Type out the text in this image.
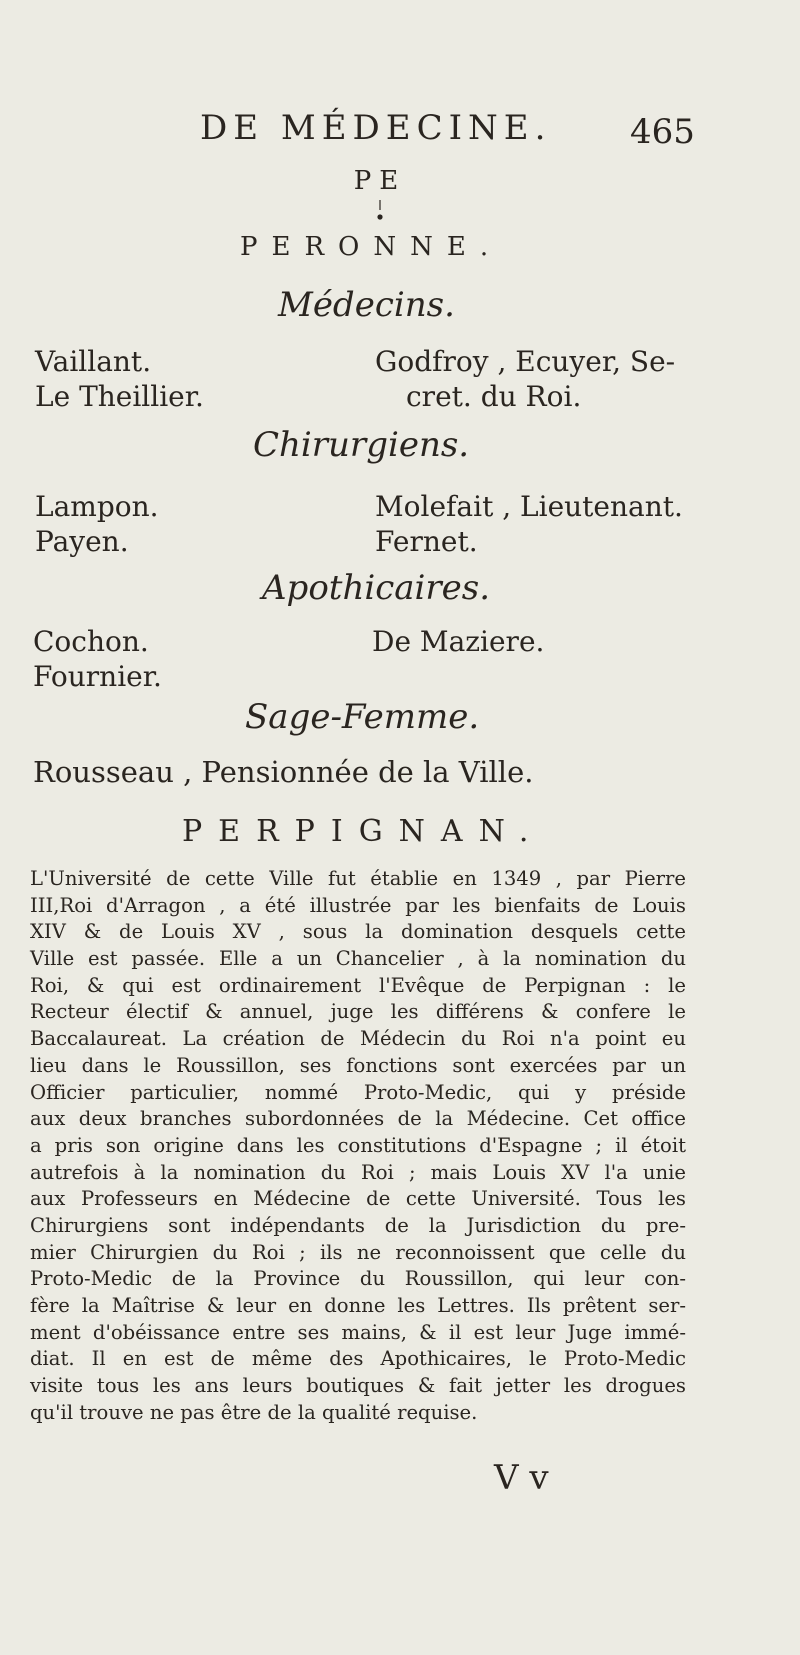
DE MÉDECINE. 465
PE
PERONNE.
Médecins.
Vaillant.
Le Theillier.
Godfroy , Ecuyer, Se-
cret. du Roi.
Chirurgiens.
Lampon.
Payen.
Molefait , Lieutenant.
Fernet.
Apothicaires.
Cochon.
Fournier.
De Maziere.
Sage-Femme.
Rousseau , Pensionnée de la Ville.
PERPIGNAN.
L'Université de cette Ville fut établie en 1349 , par Pierre
III,Roi d'Arragon , a été illustrée par les bienfaits de Louis
XIV & de Louis XV , sous la domination desquels cette
Ville est passée. Elle a un Chancelier , à la nomination du
Roi, & qui est ordinairement l'Evêque de Perpignan : le
Recteur électif & annuel, juge les différens & confere le
Baccalaureat. La création de Médecin du Roi n'a point eu
lieu dans le Roussillon, ses fonctions sont exercées par un
Officier particulier, nommé Proto-Medic, qui y préside
aux deux branches subordonnées de la Médecine. Cet office
a pris son origine dans les constitutions d'Espagne ; il étoit
autrefois à la nomination du Roi ; mais Louis XV l'a unie
aux Professeurs en Médecine de cette Université. Tous les
Chirurgiens sont indépendants de la Jurisdiction du pre-
mier Chirurgien du Roi ; ils ne reconnoissent que celle du
Proto-Medic de la Province du Roussillon, qui leur con-
fère la Maîtrise & leur en donne les Lettres. Ils prêtent ser-
ment d'obéissance entre ses mains, & il est leur Juge immé-
diat. Il en est de même des Apothicaires, le Proto-Medic
visite tous les ans leurs boutiques & fait jetter les drogues
qu'il trouve ne pas être de la qualité requise.
V v
